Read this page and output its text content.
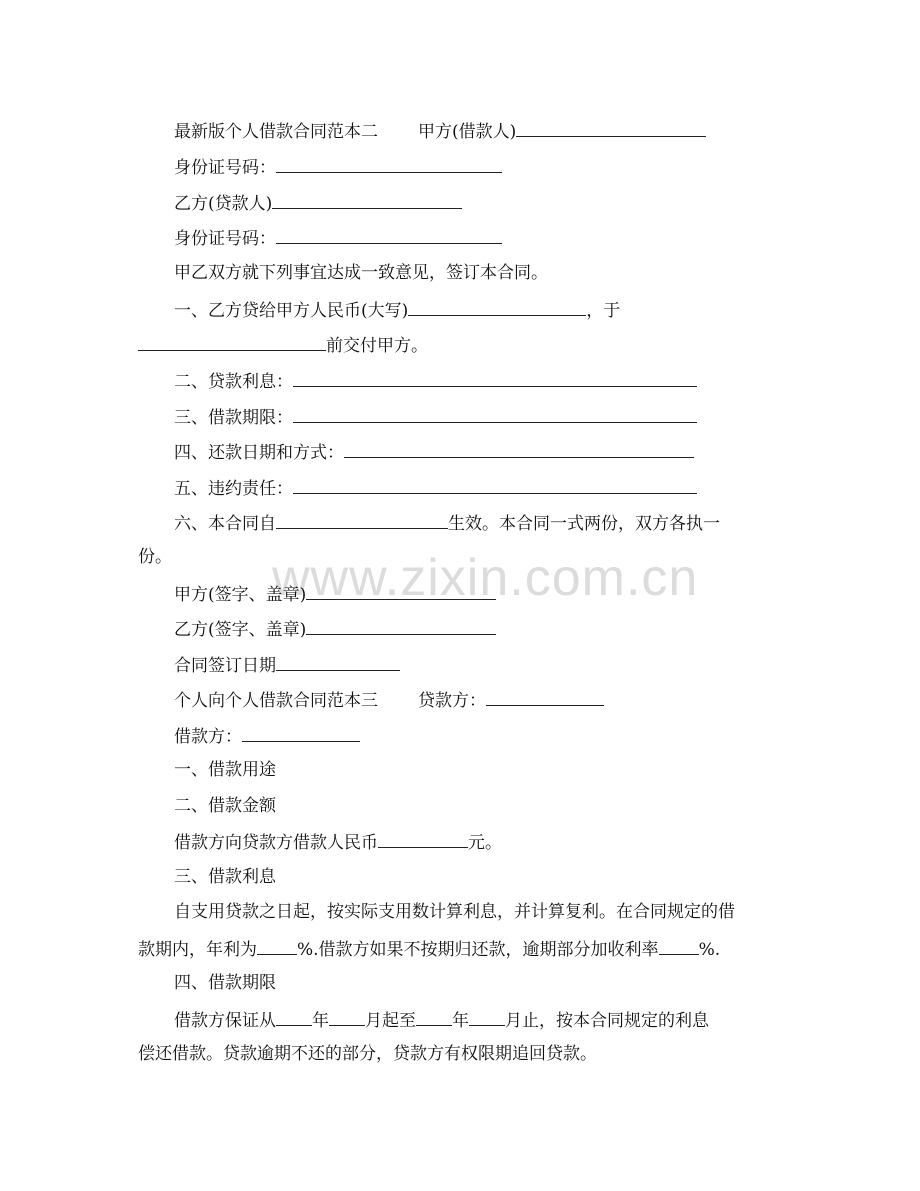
www.zixin.com.cn
最新版个人借款合同范本二 甲方(借款人)
身份证号码：
乙方(贷款人)
身份证号码：
甲乙双方就下列事宜达成一致意见，签订本合同。
一、乙方贷给甲方人民币(大写)	，于
前交付甲方。
二、贷款利息：
三、借款期限：
四、还款日期和方式：
五、违约责任：
六、本合同自	生效。本合同一式两份，双方各执一
份。
甲方(签字、盖章)
乙方(签字、盖章)
合同签订日期
个人向个人借款合同范本三 贷款方：
借款方：
一、借款用途
二、借款金额
借款方向贷款方借款人民币	元。
三、借款利息
自支用贷款之日起，按实际支用数计算利息，并计算复利。在合同规定的借
款期内，年利为 %.借款方如果不按期归还款，逾期部分加收利率 %.
四、借款期限
借款方保证从 年 月起至 年 月止，按本合同规定的利息
偿还借款。贷款逾期不还的部分，贷款方有权限期追回贷款。
